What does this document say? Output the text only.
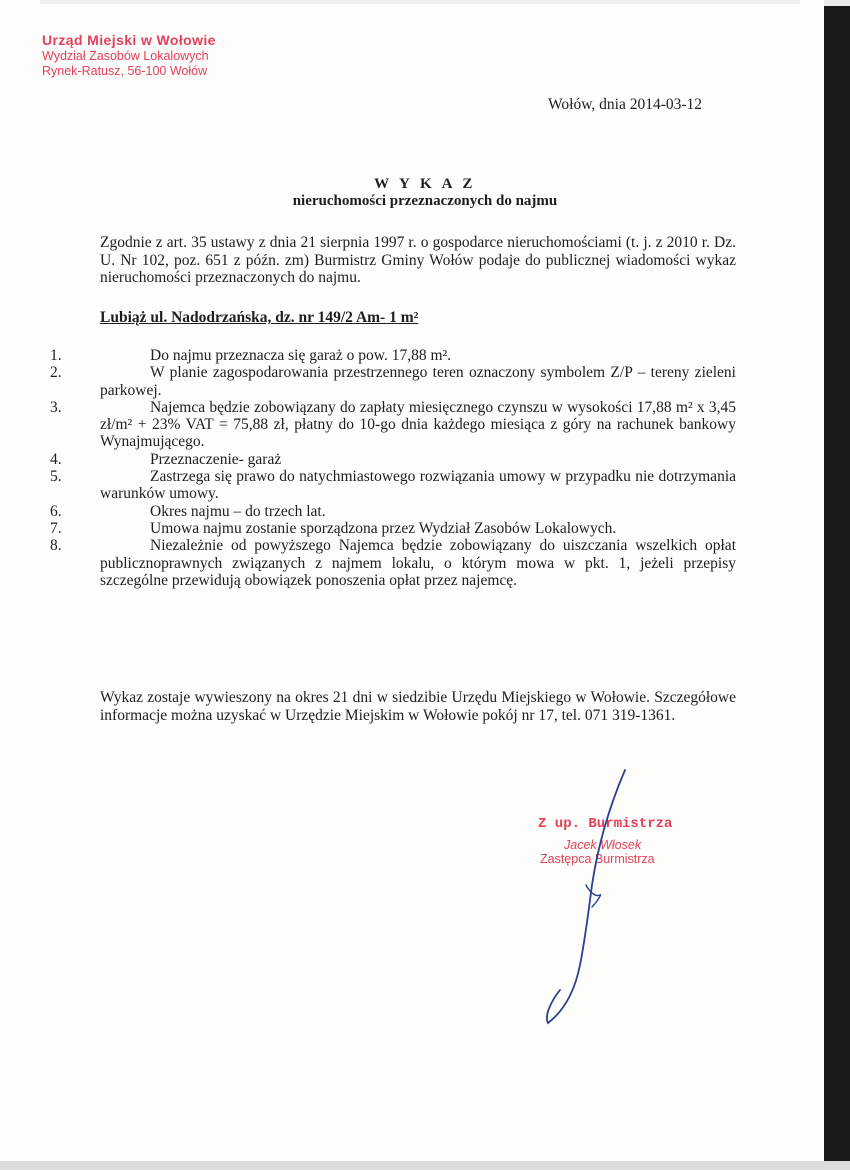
Urząd Miejski w Wołowie
Wydział Zasobów Lokalowych
Rynek-Ratusz, 56-100 Wołów
Wołów, dnia 2014-03-12
W Y K A Z
nieruchomości przeznaczonych do najmu
Zgodnie z art. 35 ustawy z dnia 21 sierpnia 1997 r. o gospodarce nieruchomościami (t. j. z 2010 r. Dz. U. Nr 102, poz. 651 z późn. zm) Burmistrz Gminy Wołów podaje do publicznej wiadomości wykaz nieruchomości przeznaczonych do najmu.
Lubiąż ul. Nadodrzańska, dz. nr 149/2 Am- 1 m²
1.	Do najmu przeznacza się garaż o pow. 17,88 m².
2.	W planie zagospodarowania przestrzennego teren oznaczony symbolem Z/P – tereny zieleni parkowej.
3.	Najemca będzie zobowiązany do zapłaty miesięcznego czynszu w wysokości 17,88 m² x 3,45 zł/m² + 23% VAT = 75,88 zł, płatny do 10-go dnia każdego miesiąca z góry na rachunek bankowy Wynajmującego.
4.	Przeznaczenie- garaż
5.	Zastrzega się prawo do natychmiastowego rozwiązania umowy w przypadku nie dotrzymania warunków umowy.
6.	Okres najmu – do trzech lat.
7.	Umowa najmu zostanie sporządzona przez Wydział Zasobów Lokalowych.
8.	Niezależnie od powyższego Najemca będzie zobowiązany do uiszczania wszelkich opłat publicznoprawnych związanych z najmem lokalu, o którym mowa w pkt. 1, jeżeli przepisy szczególne przewidują obowiązek ponoszenia opłat przez najemcę.
Wykaz zostaje wywieszony na okres 21 dni w siedzibie Urzędu Miejskiego w Wołowie. Szczegółowe informacje można uzyskać w Urzędzie Miejskim w Wołowie pokój nr 17, tel. 071 319-1361.
Z up. Burmistrza
Jacek Włosek
Zastępca Burmistrza
